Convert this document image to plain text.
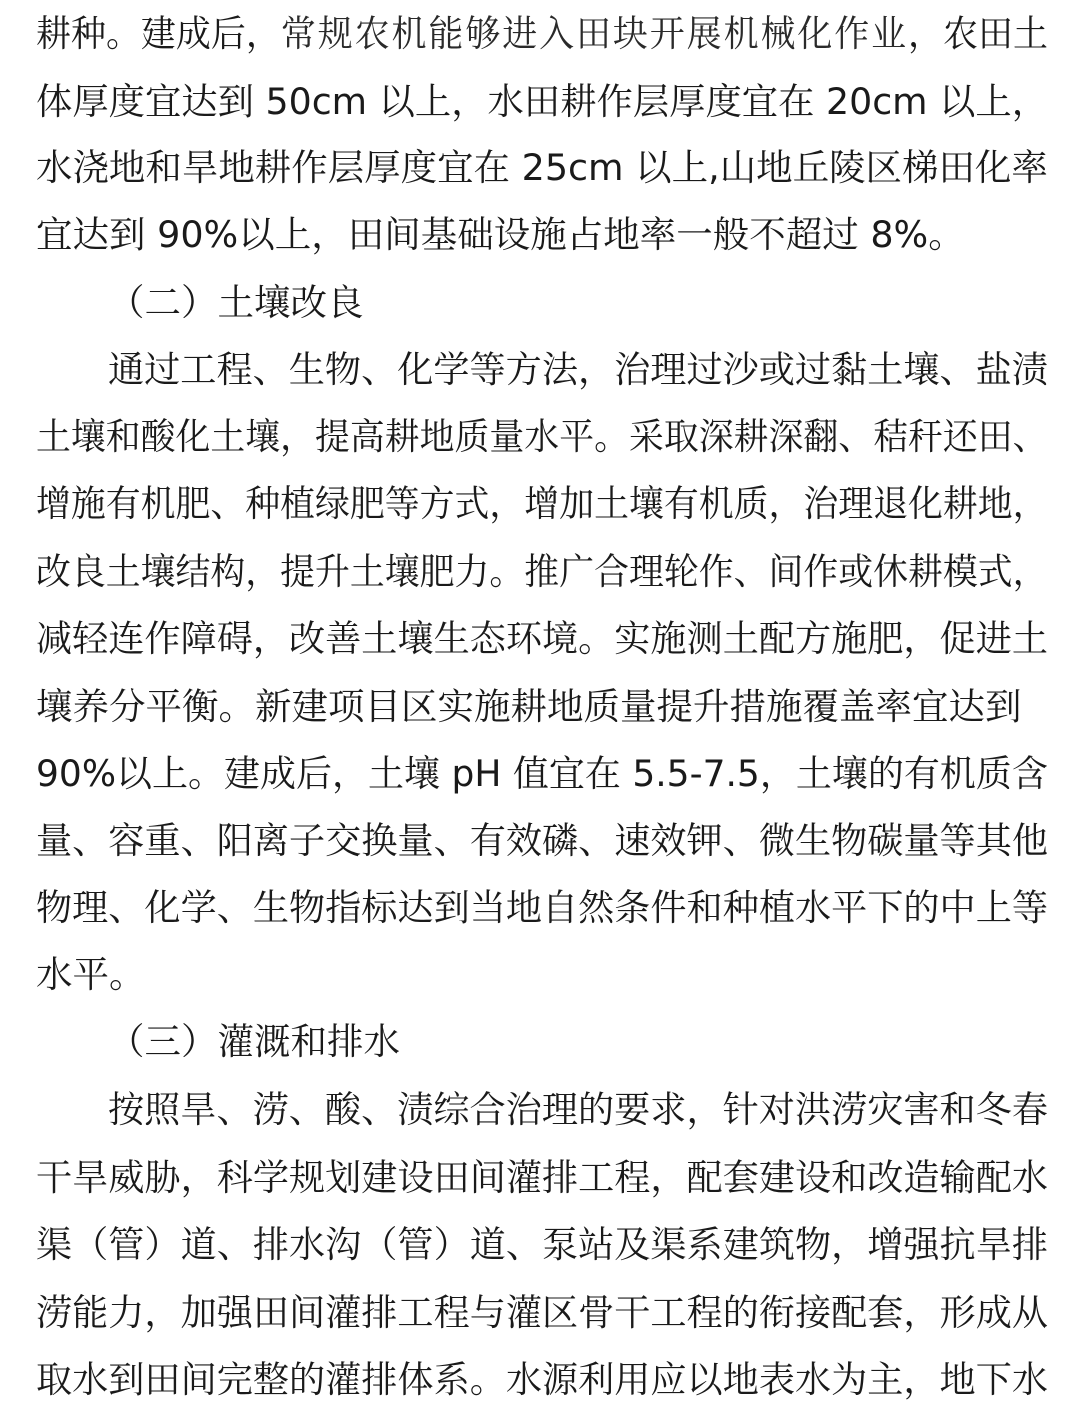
耕种。建成后，常规农机能够进入田块开展机械化作业，农田土
体厚度宜达到 50cm 以上，水田耕作层厚度宜在 20cm 以上，
水浇地和旱地耕作层厚度宜在 25cm 以上,山地丘陵区梯田化率
宜达到 90%以上，田间基础设施占地率一般不超过 8%。
（二）土壤改良
通过工程、生物、化学等方法，治理过沙或过黏土壤、盐渍
土壤和酸化土壤，提高耕地质量水平。采取深耕深翻、秸秆还田、
增施有机肥、种植绿肥等方式，增加土壤有机质，治理退化耕地，
改良土壤结构，提升土壤肥力。推广合理轮作、间作或休耕模式，
减轻连作障碍，改善土壤生态环境。实施测土配方施肥，促进土
壤养分平衡。新建项目区实施耕地质量提升措施覆盖率宜达到
90%以上。建成后，土壤 pH 值宜在 5.5-7.5，土壤的有机质含
量、容重、阳离子交换量、有效磷、速效钾、微生物碳量等其他
物理、化学、生物指标达到当地自然条件和种植水平下的中上等
水平。
（三）灌溉和排水
按照旱、涝、酸、渍综合治理的要求，针对洪涝灾害和冬春
干旱威胁，科学规划建设田间灌排工程，配套建设和改造输配水
渠（管）道、排水沟（管）道、泵站及渠系建筑物，增强抗旱排
涝能力，加强田间灌排工程与灌区骨干工程的衔接配套，形成从
取水到田间完整的灌排体系。水源利用应以地表水为主，地下水
